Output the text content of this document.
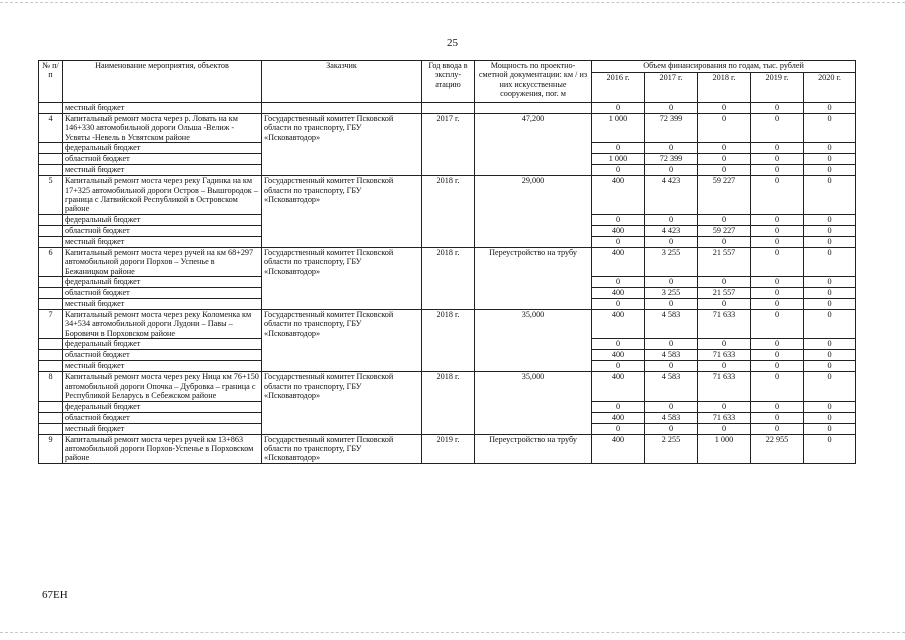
25
№ п/п	Наименование мероприятия, объектов	Заказчик	Год ввода в эксплу-атацию	Мощность по проектно-сметной документации: км / из них искусственные сооружения, пог. м	Объем финансирования по годам, тыс. рублей				
					2016 г.	2017 г.	2018 г.	2019 г.	2020 г.
	местный бюджет				0	0	0	0	0
4	Капитальный ремонт моста через р. Ловать на км 146+330 автомобильной дороги Ольша -Велиж - Усвяты -Невель в Усвятском районе	Государственный комитет Псковской области по транспорту, ГБУ «Псковавтодор»	2017 г.	47,200	1 000	72 399	0	0	0
	федеральный бюджет				0	0	0	0	0
	областной бюджет				1 000	72 399	0	0	0
	местный бюджет				0	0	0	0	0
5	Капитальный ремонт моста через реку Гадинка на км 17+325 автомобильной дороги Остров – Вышгородок – граница с Латвийской Республикой в Островском районе	Государственный комитет Псковской области по транспорту, ГБУ «Псковавтодор»	2018 г.	29,000	400	4 423	59 227	0	0
	федеральный бюджет				0	0	0	0	0
	областной бюджет				400	4 423	59 227	0	0
	местный бюджет				0	0	0	0	0
6	Капитальный ремонт моста через ручей на км 68+297 автомобильной дороги Порхов – Успенье в Бежаницком районе	Государственный комитет Псковской области по транспорту, ГБУ «Псковавтодор»	2018 г.	Переустройство на трубу	400	3 255	21 557	0	0
	федеральный бюджет				0	0	0	0	0
	областной бюджет				400	3 255	21 557	0	0
	местный бюджет				0	0	0	0	0
7	Капитальный ремонт моста через реку Коломенка км 34+534 автомобильной дороги Лудони – Павы – Боровичи в Порховском районе	Государственный комитет Псковской области по транспорту, ГБУ «Псковавтодор»	2018 г.	35,000	400	4 583	71 633	0	0
	федеральный бюджет				0	0	0	0	0
	областной бюджет				400	4 583	71 633	0	0
	местный бюджет				0	0	0	0	0
8	Капитальный ремонт моста через реку Ница км 76+150 автомобильной дороги Опочка – Дубровка – граница с Республикой Беларусь в Себежском районе	Государственный комитет Псковской области по транспорту, ГБУ «Псковавтодор»	2018 г.	35,000	400	4 583	71 633	0	0
	федеральный бюджет				0	0	0	0	0
	областной бюджет				400	4 583	71 633	0	0
	местный бюджет				0	0	0	0	0
9	Капитальный ремонт моста через ручей км 13+863 автомобильной дороги Порхов-Успенье в Порховском районе	Государственный комитет Псковской области по транспорту, ГБУ «Псковавтодор»	2019 г.	Переустройство на трубу	400	2 255	1 000	22 955	0
67EH
